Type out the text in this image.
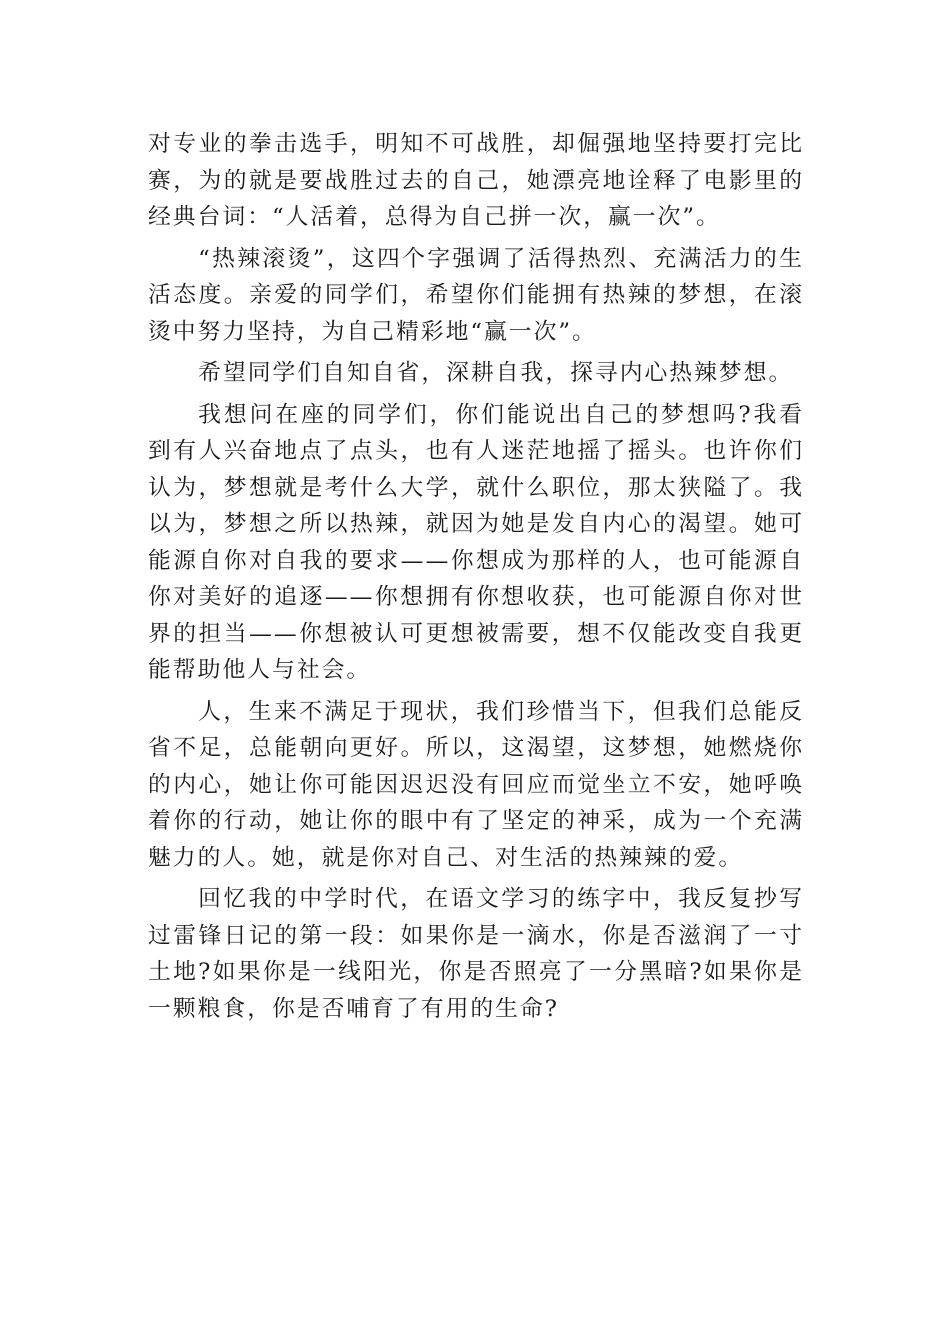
对专业的拳击选手，明知不可战胜，却倔强地坚持要打完比赛，为的就是要战胜过去的自己，她漂亮地诠释了电影里的经典台词：“人活着，总得为自己拼一次，赢一次”。

“热辣滚烫”，这四个字强调了活得热烈、充满活力的生活态度。亲爱的同学们，希望你们能拥有热辣的梦想，在滚烫中努力坚持，为自己精彩地“赢一次”。

希望同学们自知自省，深耕自我，探寻内心热辣梦想。

我想问在座的同学们，你们能说出自己的梦想吗?我看到有人兴奋地点了点头，也有人迷茫地摇了摇头。也许你们认为，梦想就是考什么大学，就什么职位，那太狭隘了。我以为，梦想之所以热辣，就因为她是发自内心的渴望。她可能源自你对自我的要求——你想成为那样的人，也可能源自你对美好的追逐——你想拥有你想收获，也可能源自你对世界的担当——你想被认可更想被需要，想不仅能改变自我更能帮助他人与社会。

人，生来不满足于现状，我们珍惜当下，但我们总能反省不足，总能朝向更好。所以，这渴望，这梦想，她燃烧你的内心，她让你可能因迟迟没有回应而觉坐立不安，她呼唤着你的行动，她让你的眼中有了坚定的神采，成为一个充满魅力的人。她，就是你对自己、对生活的热辣辣的爱。

回忆我的中学时代，在语文学习的练字中，我反复抄写过雷锋日记的第一段：如果你是一滴水，你是否滋润了一寸土地?如果你是一线阳光，你是否照亮了一分黑暗?如果你是一颗粮食，你是否哺育了有用的生命?
